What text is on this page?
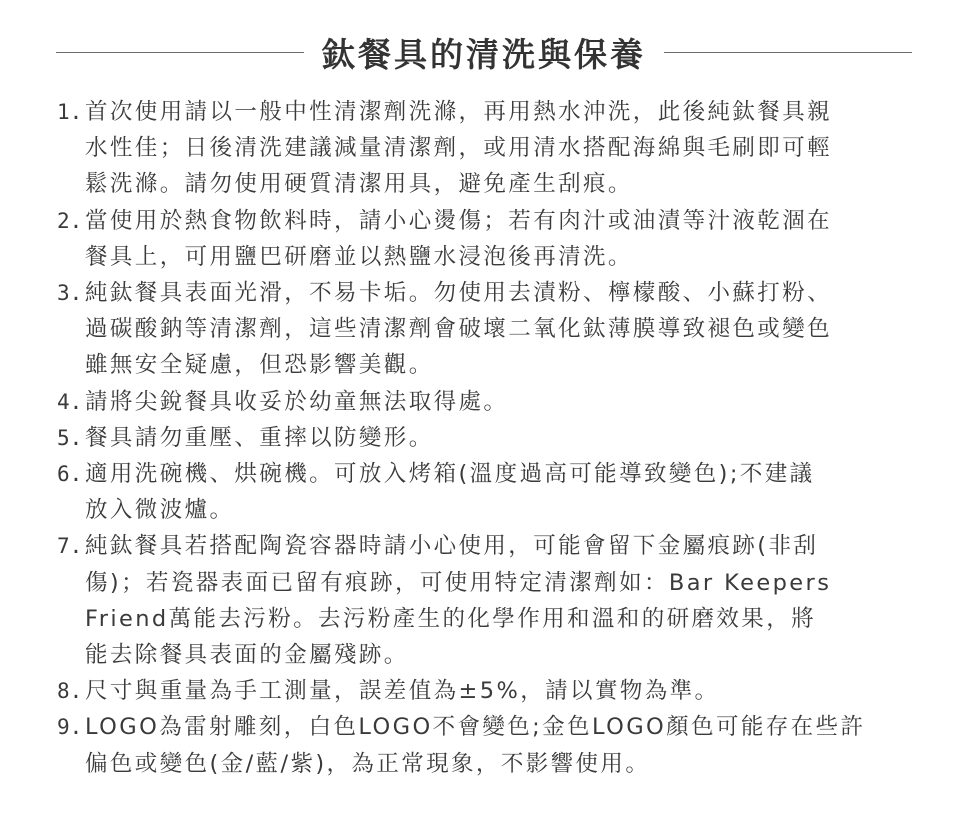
鈦餐具的清洗與保養
1. 首次使用請以一般中性清潔劑洗滌，再用熱水沖洗，此後純鈦餐具親
水性佳；日後清洗建議減量清潔劑，或用清水搭配海綿與毛刷即可輕
鬆洗滌。請勿使用硬質清潔用具，避免產生刮痕。
2. 當使用於熱食物飲料時，請小心燙傷；若有肉汁或油漬等汁液乾涸在
餐具上，可用鹽巴研磨並以熱鹽水浸泡後再清洗。
3. 純鈦餐具表面光滑，不易卡垢。勿使用去漬粉、檸檬酸、小蘇打粉、
過碳酸鈉等清潔劑，這些清潔劑會破壞二氧化鈦薄膜導致褪色或變色
雖無安全疑慮，但恐影響美觀。
4. 請將尖銳餐具收妥於幼童無法取得處。
5. 餐具請勿重壓、重摔以防變形。
6. 適用洗碗機、烘碗機。可放入烤箱(溫度過高可能導致變色);不建議
放入微波爐。
7. 純鈦餐具若搭配陶瓷容器時請小心使用，可能會留下金屬痕跡(非刮
傷)；若瓷器表面已留有痕跡，可使用特定清潔劑如：Bar Keepers
Friend萬能去污粉。去污粉產生的化學作用和溫和的研磨效果，將
能去除餐具表面的金屬殘跡。
8. 尺寸與重量為手工測量，誤差值為±5%，請以實物為準。
9. LOGO為雷射雕刻，白色LOGO不會變色;金色LOGO顏色可能存在些許
偏色或變色(金/藍/紫)，為正常現象，不影響使用。
